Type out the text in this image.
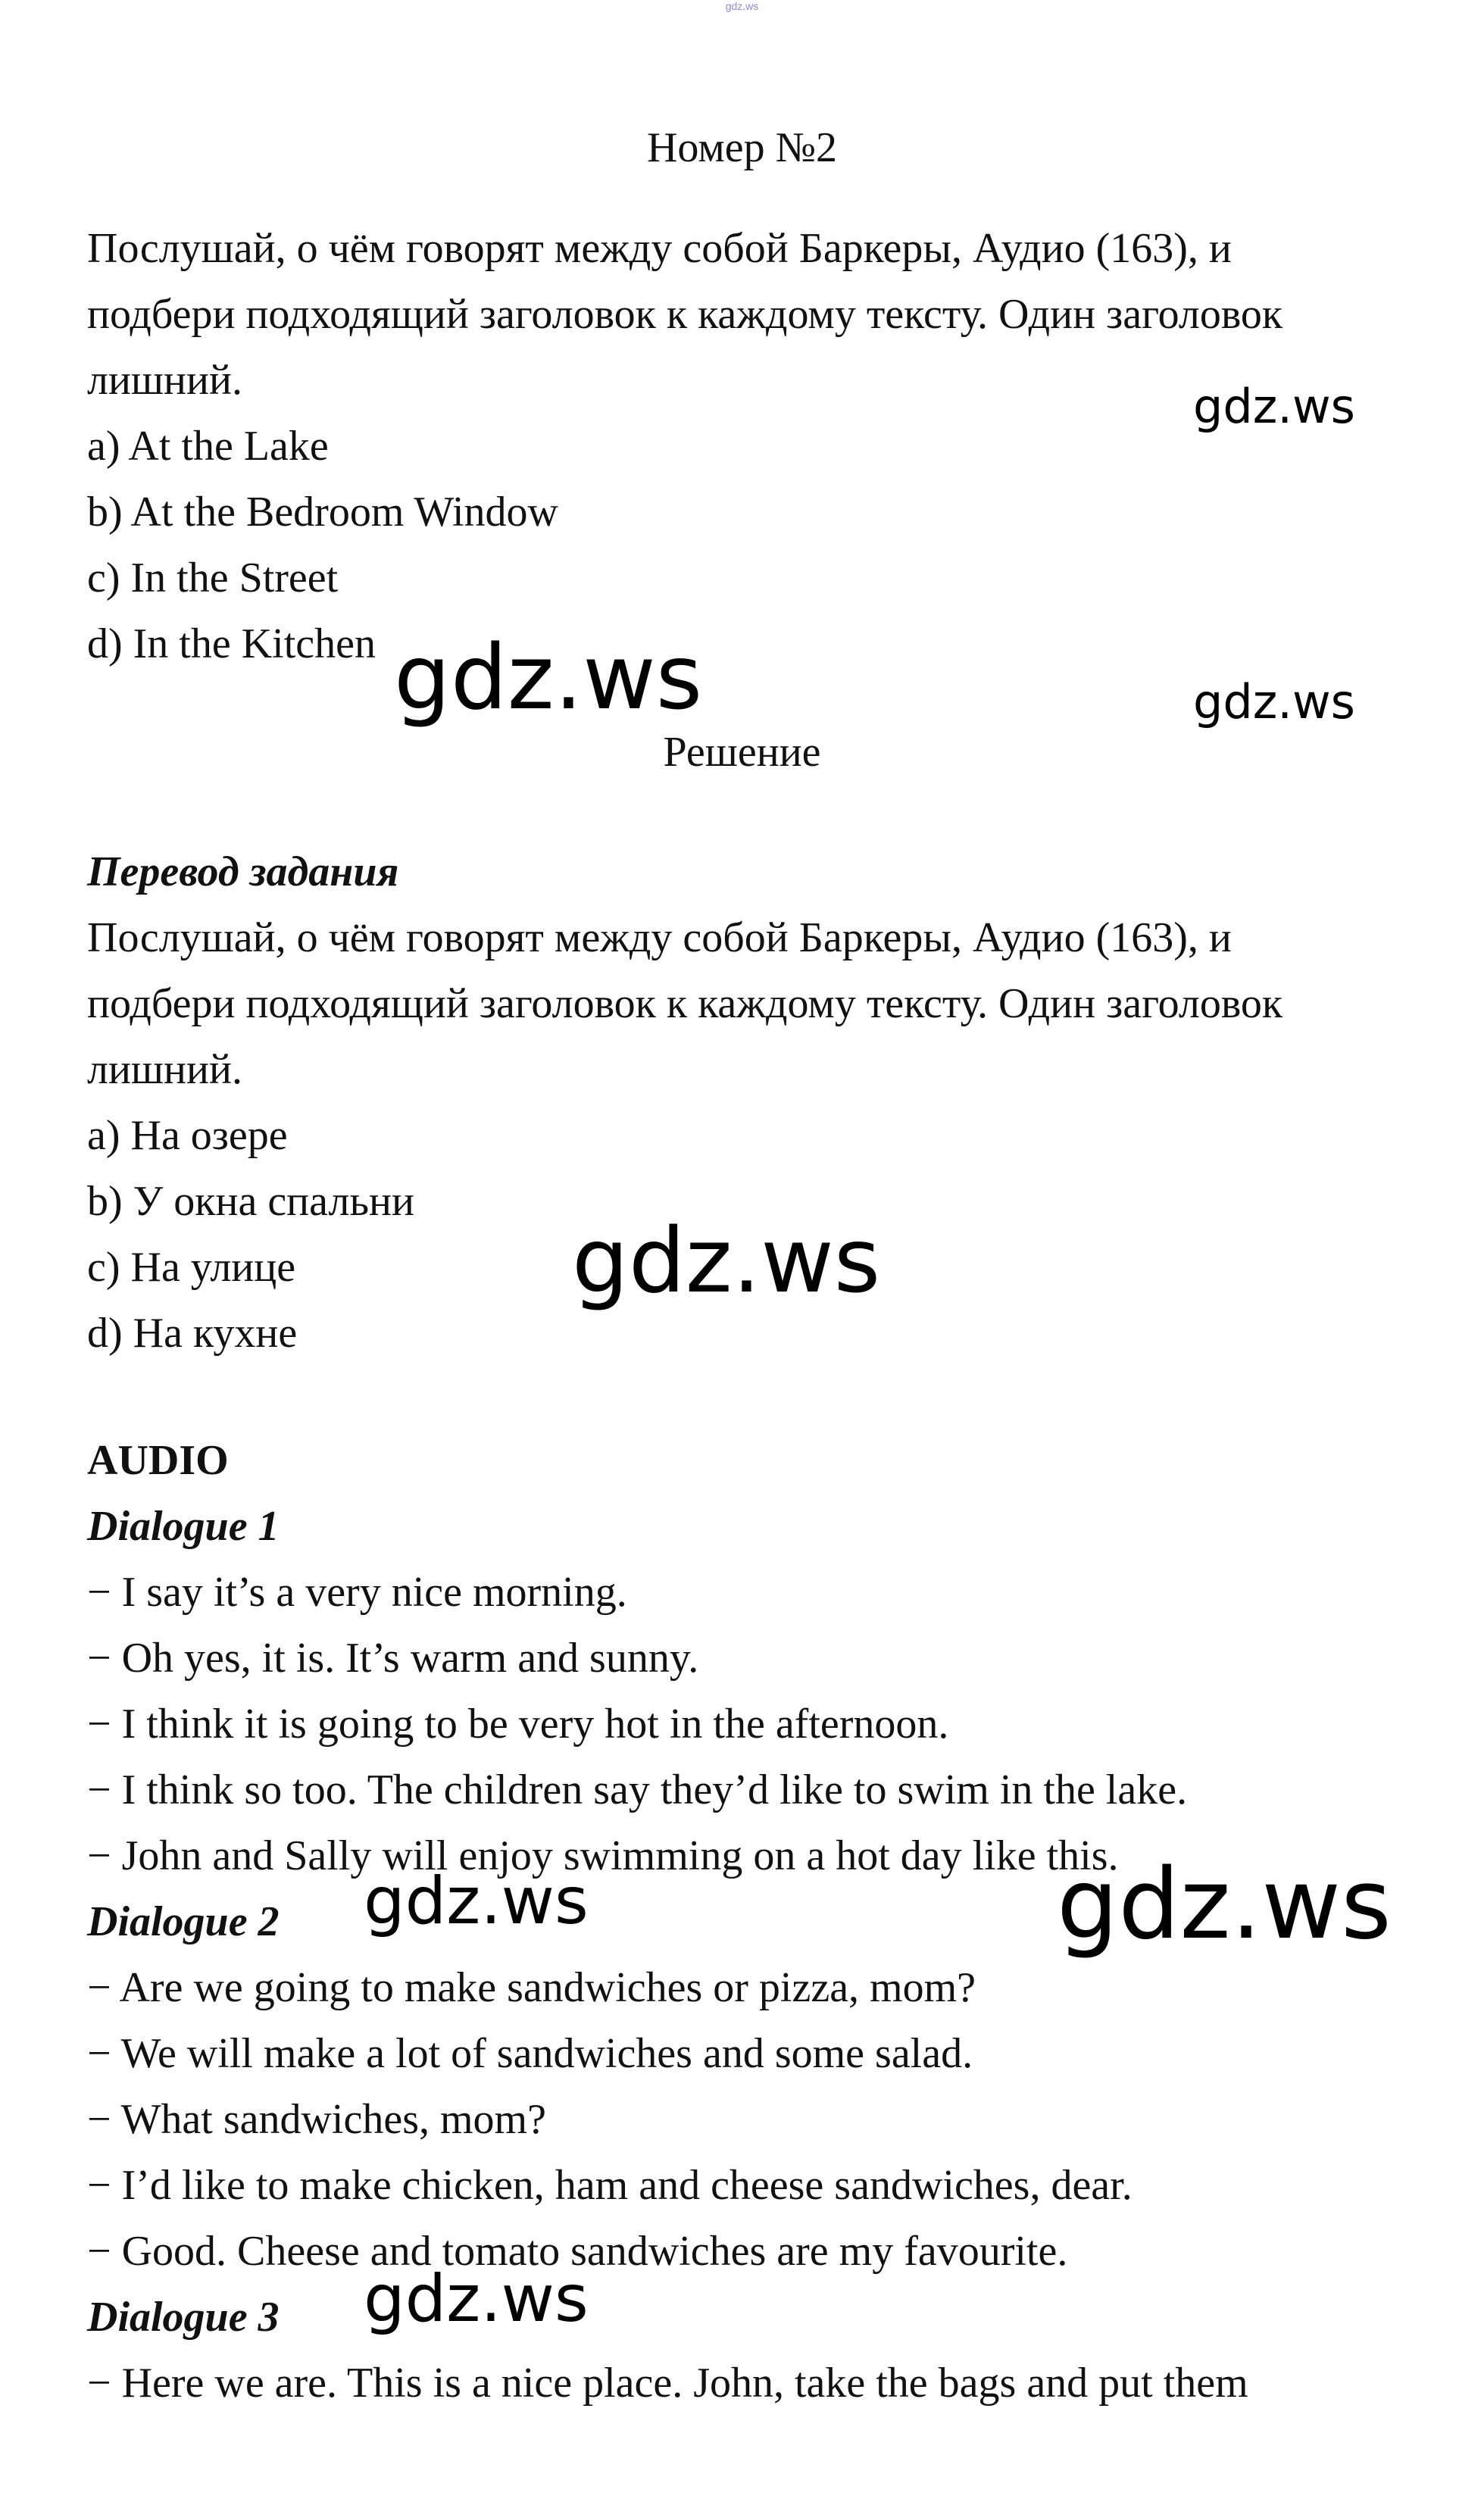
gdz.ws
Номер №2

Послушай, о чём говорят между собой Баркеры, Аудио (163), и

подбери подходящий заголовок к каждому тексту. Один заголовок

лишний.

a) At the Lake

b) At the Bedroom Window

c) In the Street

d) In the Kitchen

Решение

Перевод задания

Послушай, о чём говорят между собой Баркеры, Аудио (163), и

подбери подходящий заголовок к каждому тексту. Один заголовок

лишний.

a) На озере

b) У окна спальни

c) На улице

d) На кухне

AUDIO

Dialogue 1

− I say it’s a very nice morning.

− Oh yes, it is. It’s warm and sunny.

− I think it is going to be very hot in the afternoon.

− I think so too. The children say they’d like to swim in the lake.

− John and Sally will enjoy swimming on a hot day like this.

Dialogue 2

− Are we going to make sandwiches or pizza, mom?

− We will make a lot of sandwiches and some salad.

− What sandwiches, mom?

− I’d like to make chicken, ham and cheese sandwiches, dear.

− Good. Cheese and tomato sandwiches are my favourite.

Dialogue 3

− Here we are. This is a nice place. John, take the bags and put them

gdz.ws
gdz.ws	gdz.ws
gdz.ws
gdz.ws	gdz.ws
gdz.ws
